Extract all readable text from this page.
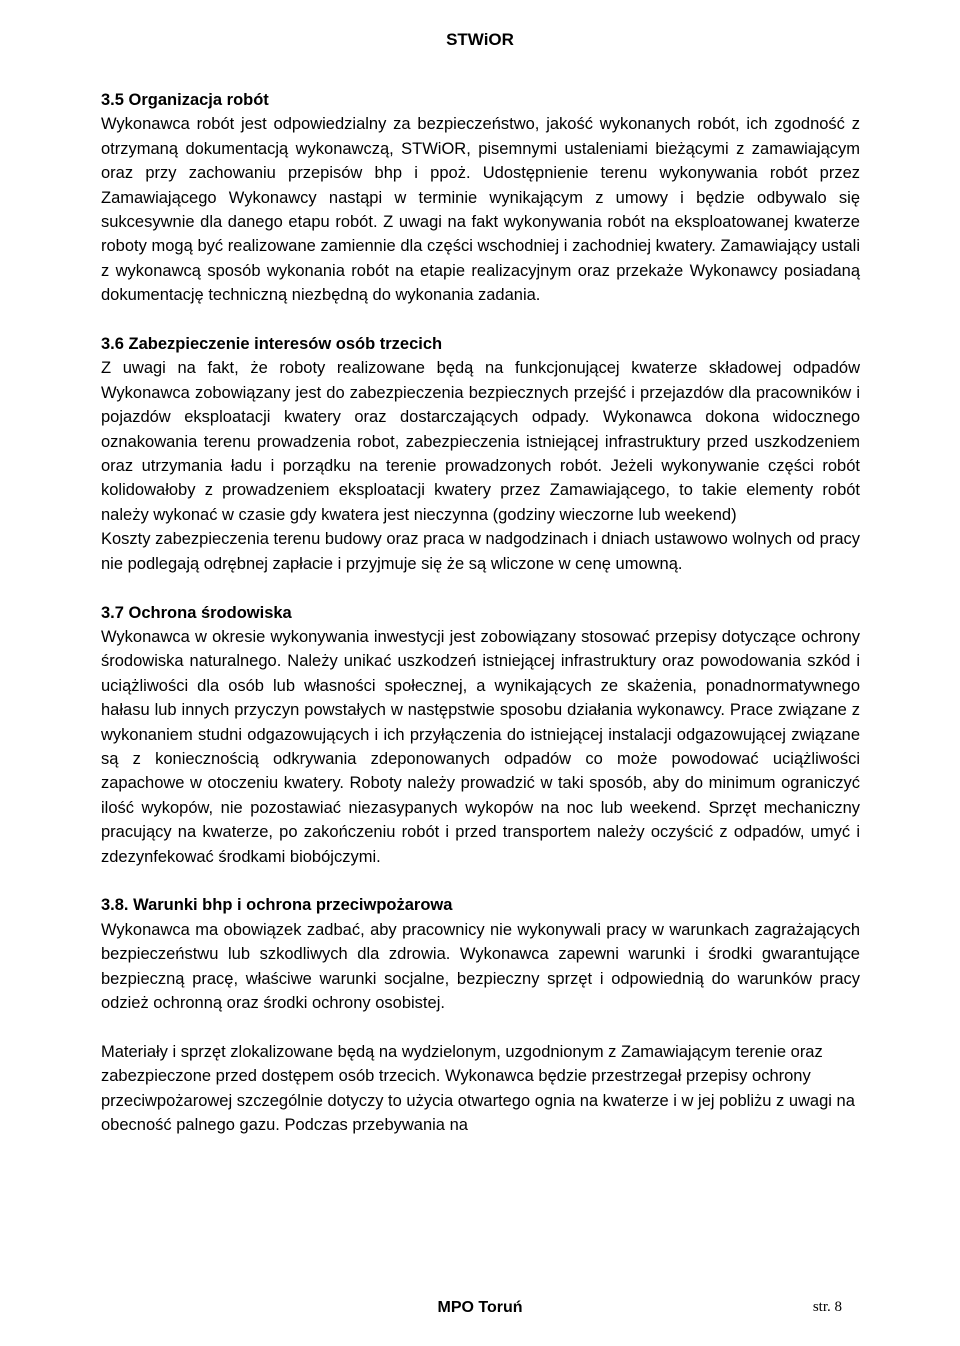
STWiOR
3.5 Organizacja robót
Wykonawca robót jest odpowiedzialny za bezpieczeństwo, jakość wykonanych robót, ich zgodność z otrzymaną dokumentacją wykonawczą, STWiOR, pisemnymi ustaleniami bieżącymi z zamawiającym oraz przy zachowaniu przepisów bhp i ppoż. Udostępnienie terenu wykonywania robót przez Zamawiającego Wykonawcy nastąpi w terminie wynikającym z umowy i będzie odbywalo się sukcesywnie dla danego etapu robót. Z uwagi na fakt wykonywania robót na eksploatowanej kwaterze roboty mogą być realizowane zamiennie dla części wschodniej i zachodniej kwatery. Zamawiający ustali z wykonawcą sposób wykonania robót na etapie realizacyjnym oraz przekaże Wykonawcy posiadaną dokumentację techniczną niezbędną do wykonania zadania.
3.6 Zabezpieczenie interesów osób trzecich
Z uwagi na fakt, że roboty realizowane będą na funkcjonującej kwaterze składowej odpadów Wykonawca zobowiązany jest do zabezpieczenia bezpiecznych przejść i przejazdów dla pracowników i pojazdów eksploatacji kwatery oraz dostarczających odpady. Wykonawca dokona widocznego oznakowania terenu prowadzenia robot, zabezpieczenia istniejącej infrastruktury przed uszkodzeniem oraz utrzymania ładu i porządku na terenie prowadzonych robót. Jeżeli wykonywanie części robót kolidowałoby z prowadzeniem eksploatacji kwatery przez Zamawiającego, to takie elementy robót należy wykonać w czasie gdy kwatera jest nieczynna (godziny wieczorne lub weekend)
Koszty zabezpieczenia terenu budowy oraz praca w nadgodzinach i dniach ustawowo wolnych od pracy nie podlegają odrębnej zapłacie i przyjmuje się że są wliczone w cenę umowną.
3.7 Ochrona środowiska
Wykonawca w okresie wykonywania inwestycji jest zobowiązany stosować przepisy dotyczące ochrony środowiska naturalnego. Należy unikać uszkodzeń istniejącej infrastruktury oraz powodowania szkód i uciążliwości dla osób lub własności społecznej, a wynikających ze skażenia, ponadnormatywnego hałasu lub innych przyczyn powstałych w następstwie sposobu działania wykonawcy. Prace związane z wykonaniem studni odgazowujących i ich przyłączenia do istniejącej instalacji odgazowującej związane są z koniecznością odkrywania zdeponowanych odpadów co może powodować uciążliwości zapachowe w otoczeniu kwatery. Roboty należy prowadzić w taki sposób, aby do minimum ograniczyć ilość wykopów, nie pozostawiać niezasypanych wykopów na noc lub weekend. Sprzęt mechaniczny pracujący na kwaterze, po zakończeniu robót i przed transportem należy oczyścić z odpadów, umyć i zdezynfekować środkami biobójczymi.
3.8. Warunki bhp i ochrona przeciwpożarowa
Wykonawca ma obowiązek zadbać, aby pracownicy nie wykonywali pracy w warunkach zagrażających bezpieczeństwu lub szkodliwych dla zdrowia. Wykonawca zapewni warunki i środki gwarantujące bezpieczną pracę, właściwe warunki socjalne, bezpieczny sprzęt i odpowiednią do warunków pracy odzież ochronną oraz środki ochrony osobistej.
Materiały i sprzęt zlokalizowane będą na wydzielonym, uzgodnionym z Zamawiającym terenie oraz zabezpieczone przed dostępem osób trzecich. Wykonawca będzie przestrzegał przepisy ochrony przeciwpożarowej szczególnie dotyczy to użycia otwartego ognia na kwaterze i w jej pobliżu z uwagi na obecność palnego gazu. Podczas przebywania na
MPO Toruń	str. 8
